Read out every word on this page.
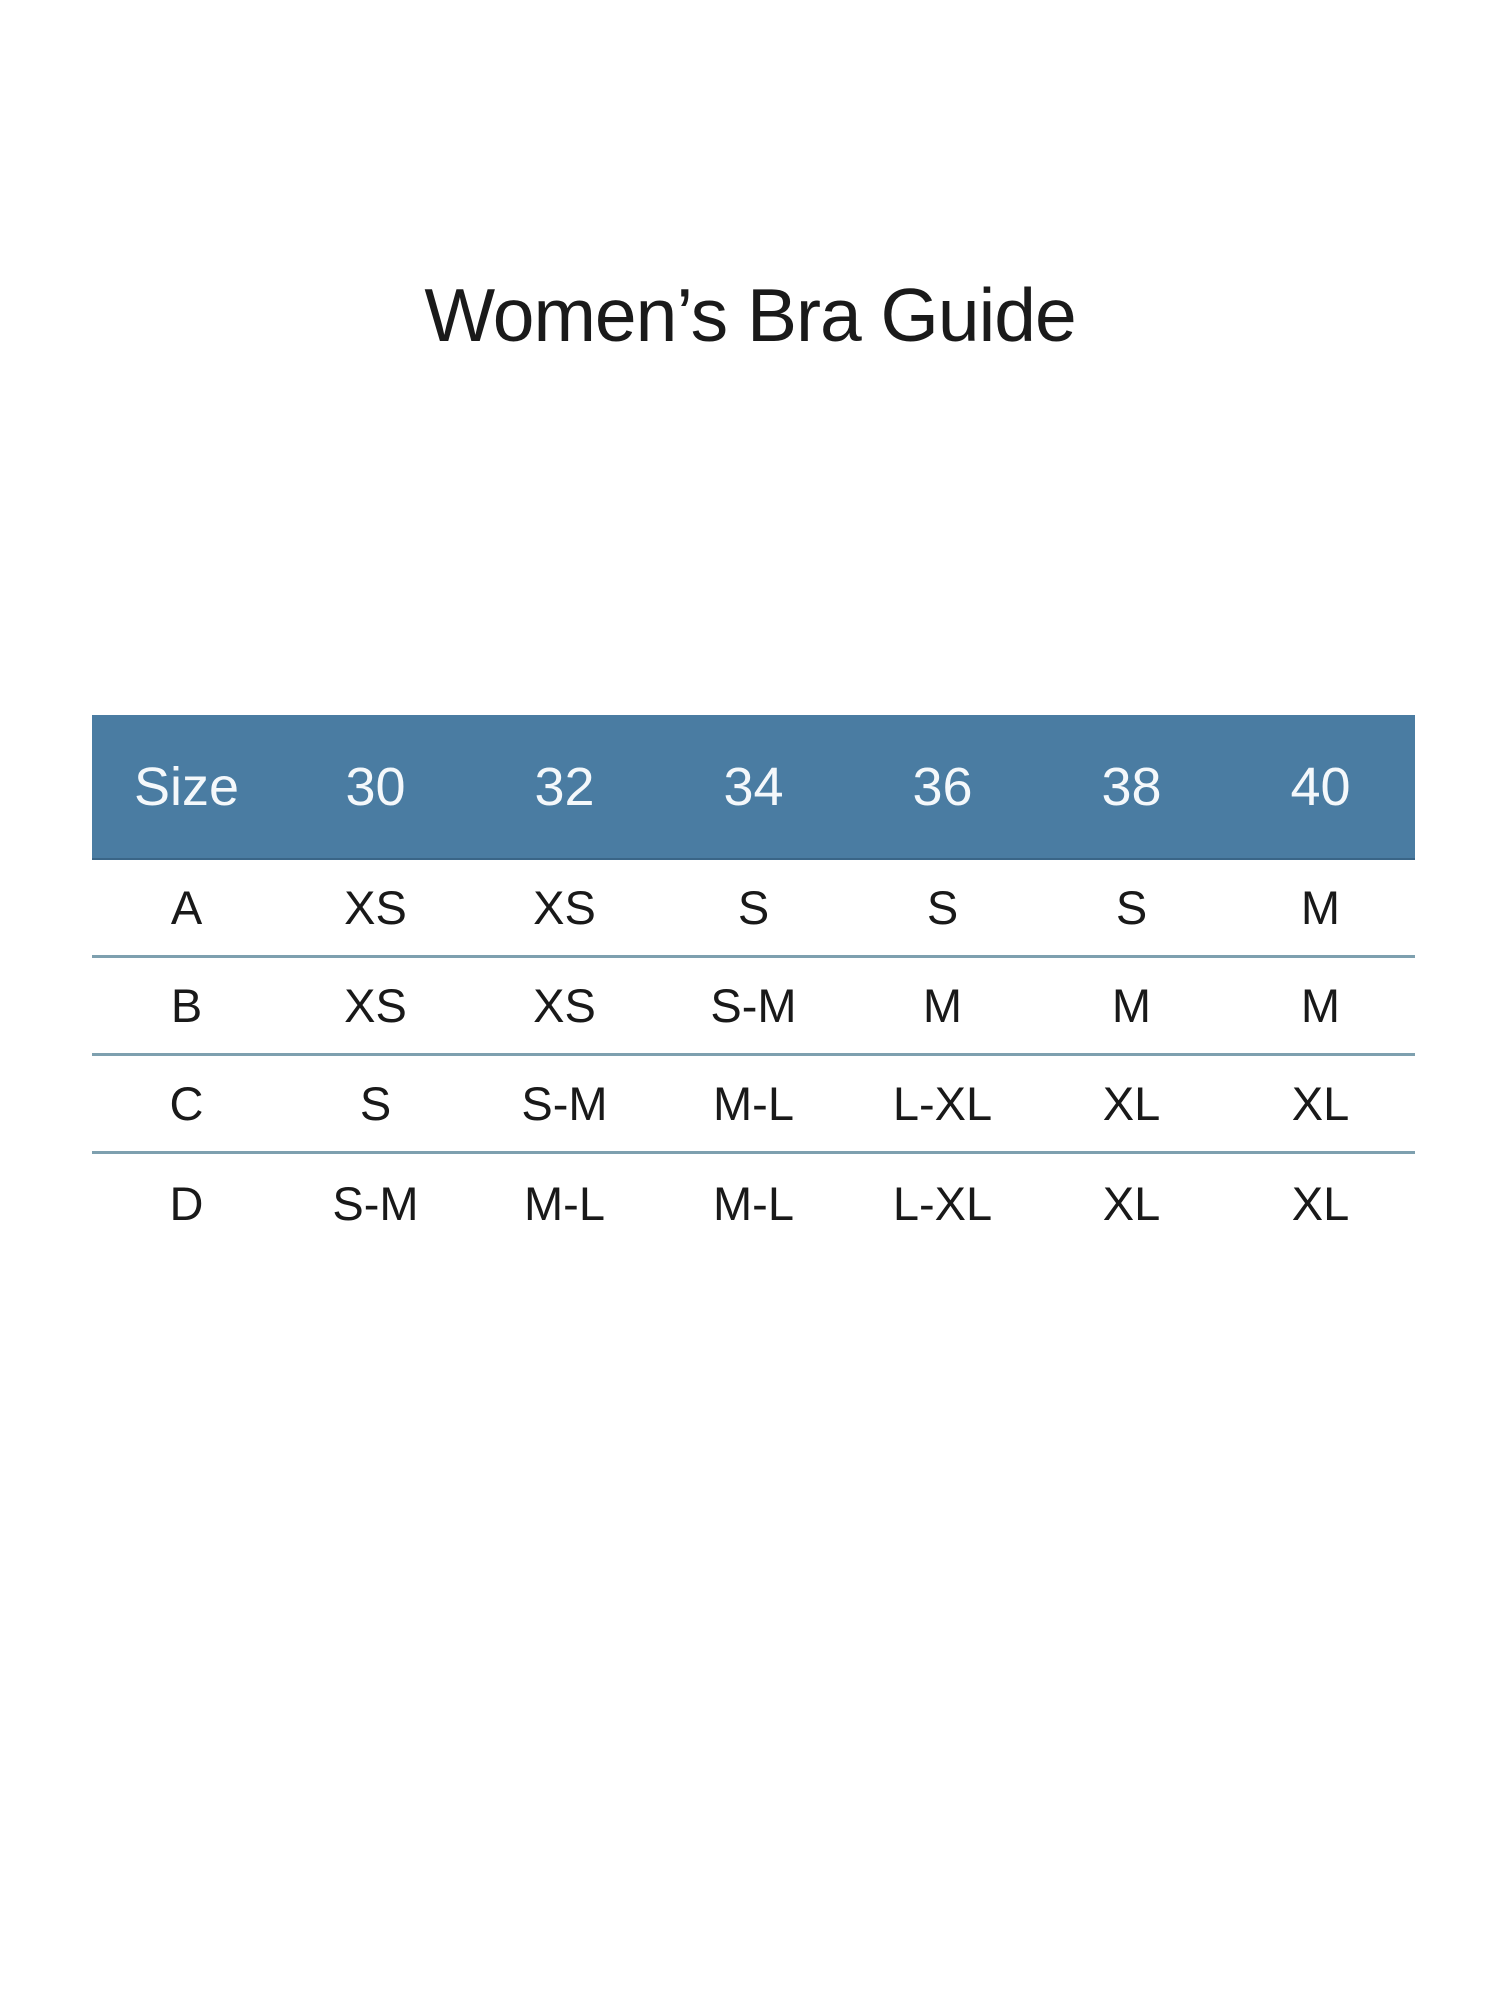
Women’s Bra Guide
Size	30	32	34	36	38	40
A	XS	XS	S	S	S	M
B	XS	XS	S-M	M	M	M
C	S	S-M	M-L	L-XL	XL	XL
D	S-M	M-L	M-L	L-XL	XL	XL
